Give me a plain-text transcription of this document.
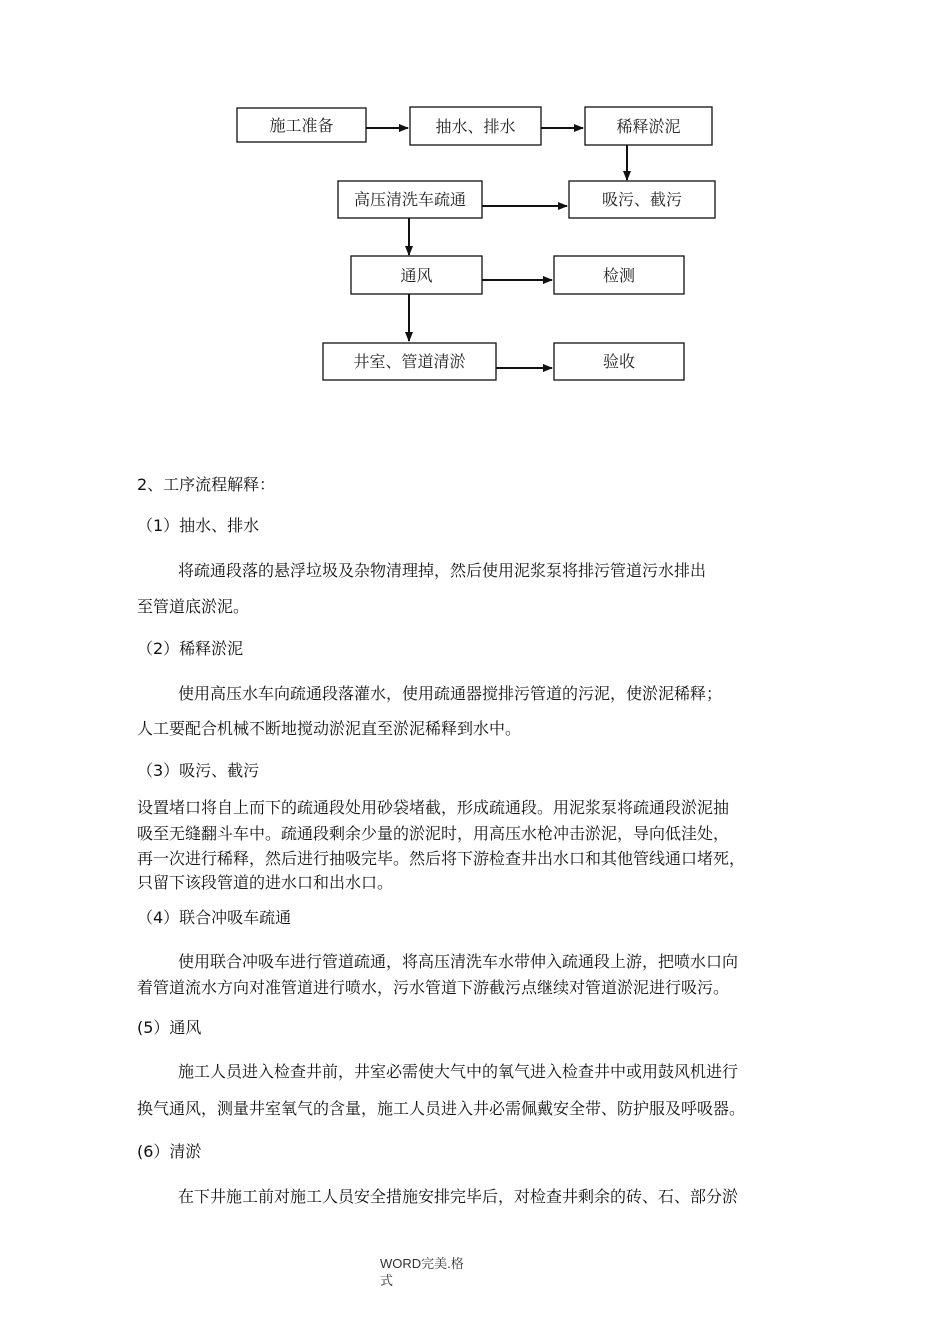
施工准备	抽水、排水	稀释淤泥
高压清洗车疏通	吸污、截污
通风	检测
井室、管道清淤	验收
2、工序流程解释：
（1）抽水、排水
将疏通段落的悬浮垃圾及杂物清理掉，然后使用泥浆泵将排污管道污水排出
至管道底淤泥。
（2）稀释淤泥
使用高压水车向疏通段落灌水，使用疏通器搅排污管道的污泥，使淤泥稀释；
人工要配合机械不断地搅动淤泥直至淤泥稀释到水中。
（3）吸污、截污
设置堵口将自上而下的疏通段处用砂袋堵截，形成疏通段。用泥浆泵将疏通段淤泥抽
吸至无缝翻斗车中。疏通段剩余少量的淤泥时，用高压水枪冲击淤泥，导向低洼处，
再一次进行稀释，然后进行抽吸完毕。然后将下游检查井出水口和其他管线通口堵死，
只留下该段管道的进水口和出水口。
（4）联合冲吸车疏通
使用联合冲吸车进行管道疏通，将高压清洗车水带伸入疏通段上游，把喷水口向
着管道流水方向对准管道进行喷水，污水管道下游截污点继续对管道淤泥进行吸污。
(5）通风
施工人员进入检查井前，井室必需使大气中的氧气进入检查井中或用鼓风机进行
换气通风，测量井室氧气的含量，施工人员进入井必需佩戴安全带、防护服及呼吸器。
(6）清淤
在下井施工前对施工人员安全措施安排完毕后，对检查井剩余的砖、石、部分淤
WORD完美.格
式
